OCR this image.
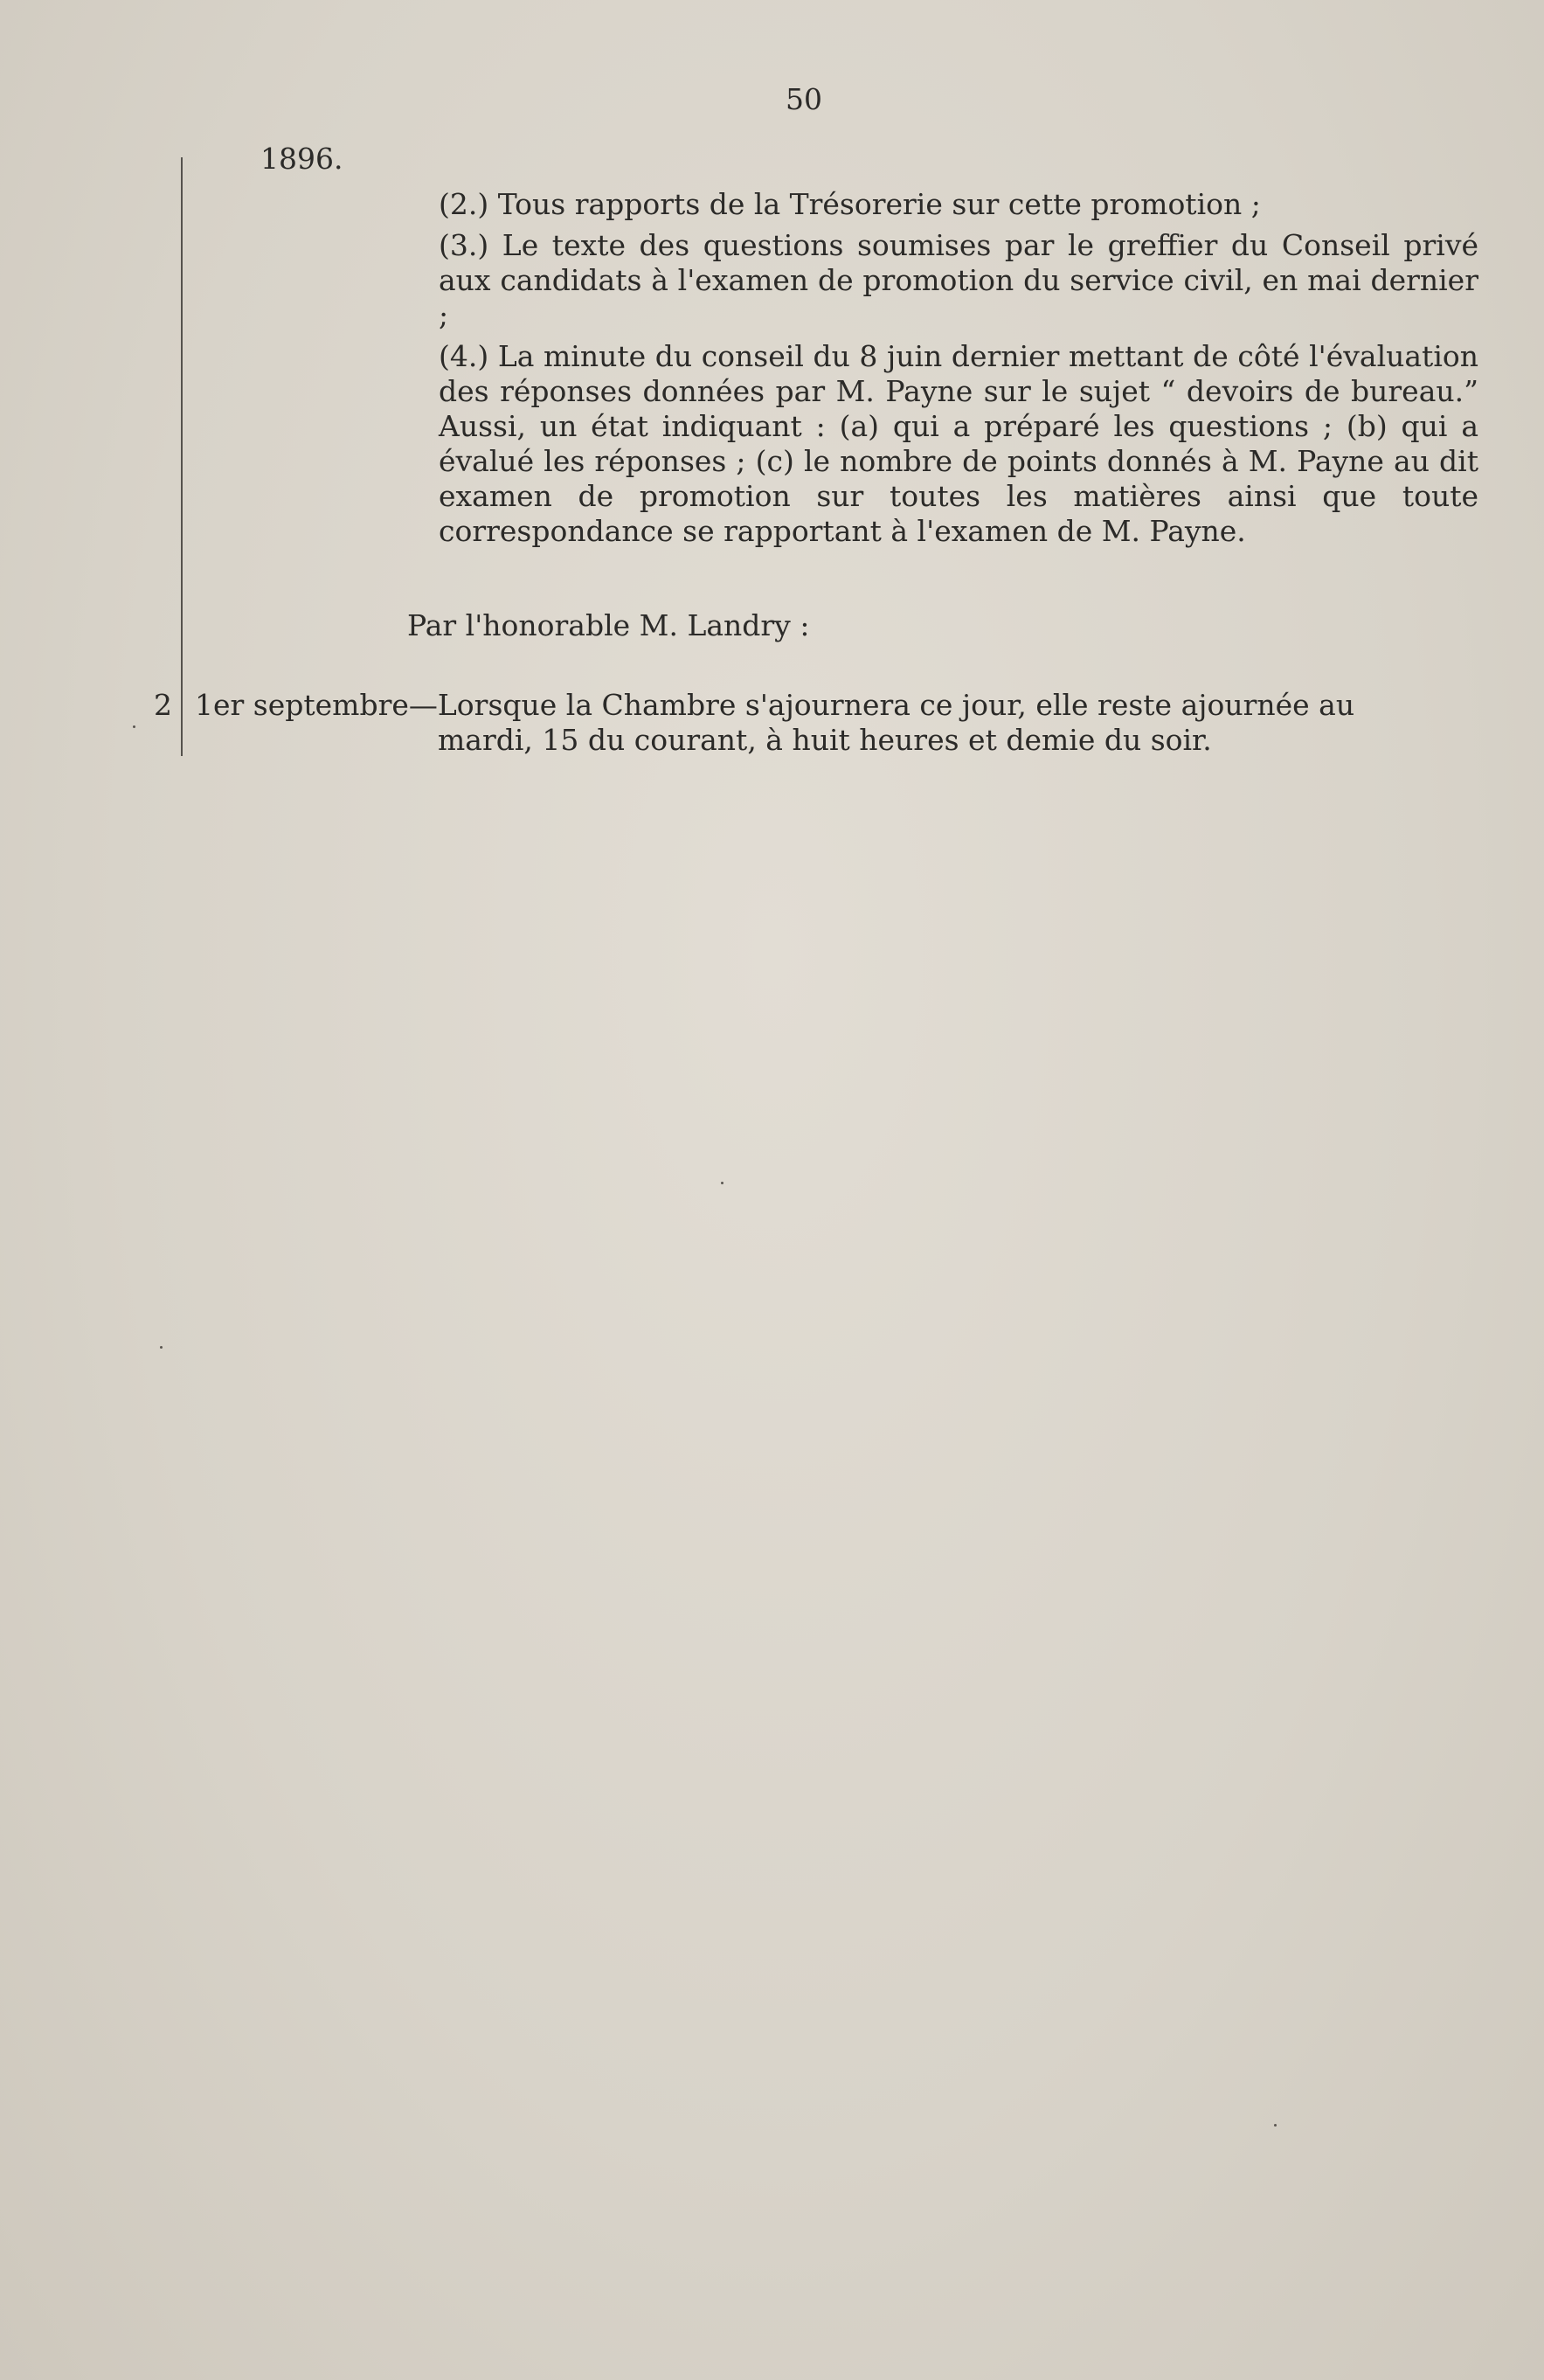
50
1896.

(2.) Tous rapports de la Trésorerie sur cette promotion ;

(3.) Le texte des questions soumises par le greffier du Conseil privé aux candidats à l'examen de promotion du service civil, en mai dernier ;

(4.) La minute du conseil du 8 juin dernier mettant de côté l'évaluation des réponses données par M. Payne sur le sujet “ devoirs de bureau.” Aussi, un état indiquant : (a) qui a préparé les questions ; (b) qui a évalué les réponses ; (c) le nombre de points donnés à M. Payne au dit examen de promotion sur toutes les matières ainsi que toute correspondance se rapportant à l'examen de M. Payne.

Par l'honorable M. Landry :
2 1er septembre—Lorsque la Chambre s'ajournera ce jour, elle reste ajournée au
mardi, 15 du courant, à huit heures et demie du soir.
